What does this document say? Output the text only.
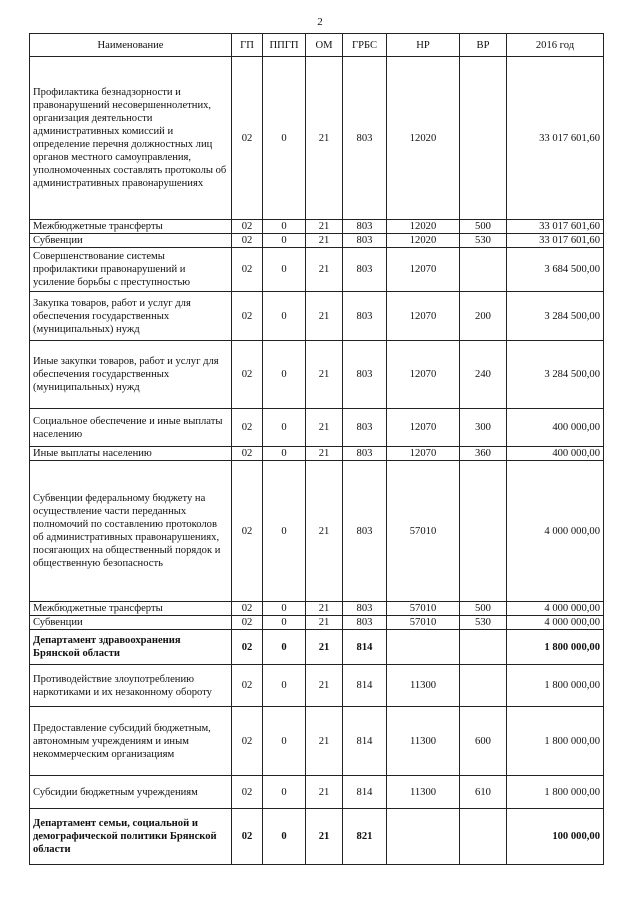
2
Наименование	ГП	ППГП	ОМ	ГРБС	НР	ВР	2016 год
Профилактика безнадзорности и правонарушений несовершеннолетних, организация деятельности административных комиссий и определение перечня должностных лиц органов местного самоуправления, уполномоченных составлять протоколы об административных правонарушениях	02	0	21	803	12020		33 017 601,60
Межбюджетные трансферты	02	0	21	803	12020	500	33 017 601,60
Субвенции	02	0	21	803	12020	530	33 017 601,60
Совершенствование системы профилактики правонарушений и усиление борьбы с преступностью	02	0	21	803	12070		3 684 500,00
Закупка товаров, работ и услуг для обеспечения государственных (муниципальных) нужд	02	0	21	803	12070	200	3 284 500,00
Иные закупки товаров, работ и услуг для обеспечения государственных (муниципальных) нужд	02	0	21	803	12070	240	3 284 500,00
Социальное обеспечение и иные выплаты населению	02	0	21	803	12070	300	400 000,00
Иные выплаты населению	02	0	21	803	12070	360	400 000,00
Субвенции федеральному бюджету на осуществление части переданных полномочий по составлению протоколов об административных правонарушениях, посягающих на общественный порядок и общественную безопасность	02	0	21	803	57010		4 000 000,00
Межбюджетные трансферты	02	0	21	803	57010	500	4 000 000,00
Субвенции	02	0	21	803	57010	530	4 000 000,00
Департамент здравоохранения Брянской области	02	0	21	814			1 800 000,00
Противодействие злоупотреблению наркотиками и их незаконному обороту	02	0	21	814	11300		1 800 000,00
Предоставление субсидий бюджетным, автономным учреждениям и иным некоммерческим организациям	02	0	21	814	11300	600	1 800 000,00
Субсидии бюджетным учреждениям	02	0	21	814	11300	610	1 800 000,00
Департамент семьи, социальной и демографической политики Брянской области	02	0	21	821			100 000,00
